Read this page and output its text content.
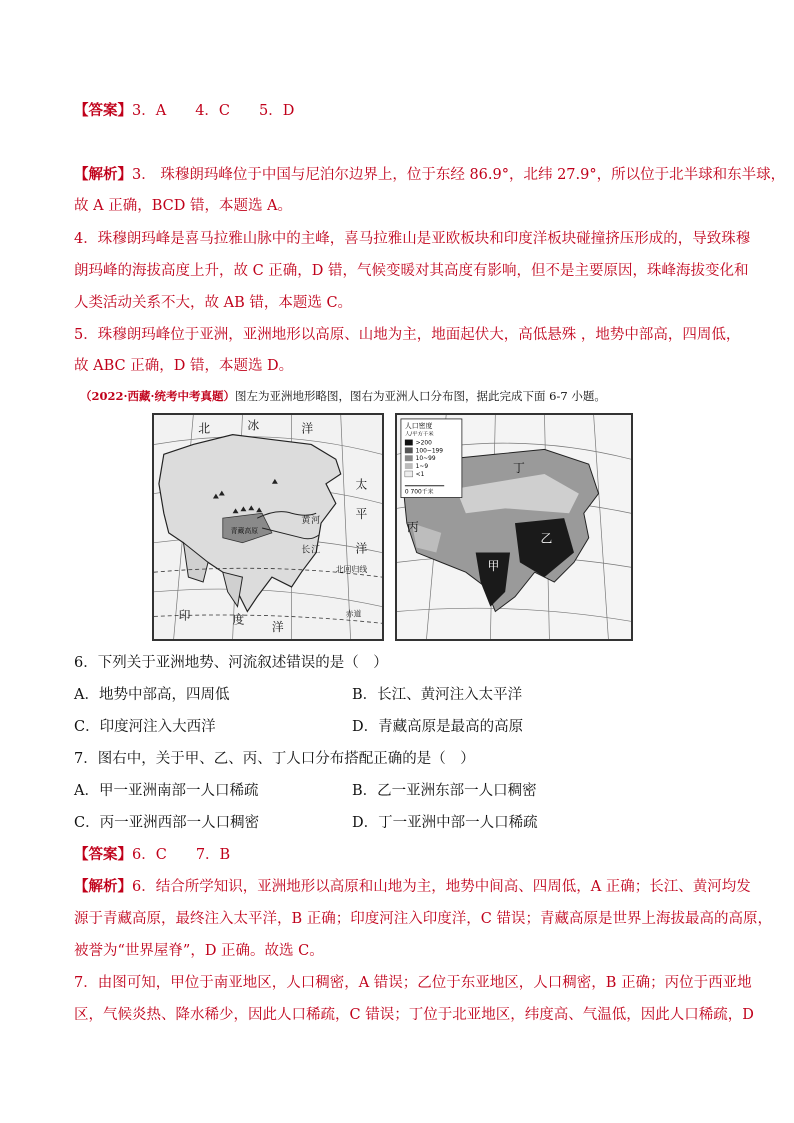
【答案】3．A　　4．C　　5．D
【解析】3． 珠穆朗玛峰位于中国与尼泊尔边界上，位于东经 86.9°，北纬 27.9°，所以位于北半球和东半球，
故 A 正确，BCD 错，本题选 A。
4．珠穆朗玛峰是喜马拉雅山脉中的主峰，喜马拉雅山是亚欧板块和印度洋板块碰撞挤压形成的，导致珠穆
朗玛峰的海拔高度上升，故 C 正确，D 错，气候变暖对其高度有影响，但不是主要原因，珠峰海拔变化和
人类活动关系不大，故 AB 错，本题选 C。
5．珠穆朗玛峰位于亚洲，亚洲地形以高原、山地为主，地面起伏大，高低悬殊 ，地势中部高，四周低，
故 ABC 正确，D 错，本题选 D。
（2022·西藏·统考中考真题）图左为亚洲地形略图，图右为亚洲人口分布图，据此完成下面 6-7 小题。
北	冰	洋
太
平
洋
印	度
洋
长 江
黄 河
北回归线
赤道
青藏高原
人口密度
人/平方千米
>200
100~199
10~99
1~9
<1
0 700千米
丁
丙
乙
甲
6．下列关于亚洲地势、河流叙述错误的是（　）
A．地势中部高，四周低	B．长江、黄河注入太平洋
C．印度河注入大西洋	D．青藏高原是最高的高原
7．图右中，关于甲、乙、丙、丁人口分布搭配正确的是（　）
A．甲一亚洲南部一人口稀疏	B．乙一亚洲东部一人口稠密
C．丙一亚洲西部一人口稠密	D．丁一亚洲中部一人口稀疏
【答案】6．C　　7．B
【解析】6．结合所学知识，亚洲地形以高原和山地为主，地势中间高、四周低，A 正确；长江、黄河均发
源于青藏高原，最终注入太平洋，B 正确；印度河注入印度洋，C 错误；青藏高原是世界上海拔最高的高原，
被誉为“世界屋脊”，D 正确。故选 C。
7．由图可知，甲位于南亚地区，人口稠密，A 错误；乙位于东亚地区，人口稠密，B 正确；丙位于西亚地
区，气候炎热、降水稀少，因此人口稀疏，C 错误；丁位于北亚地区，纬度高、气温低，因此人口稀疏，D
